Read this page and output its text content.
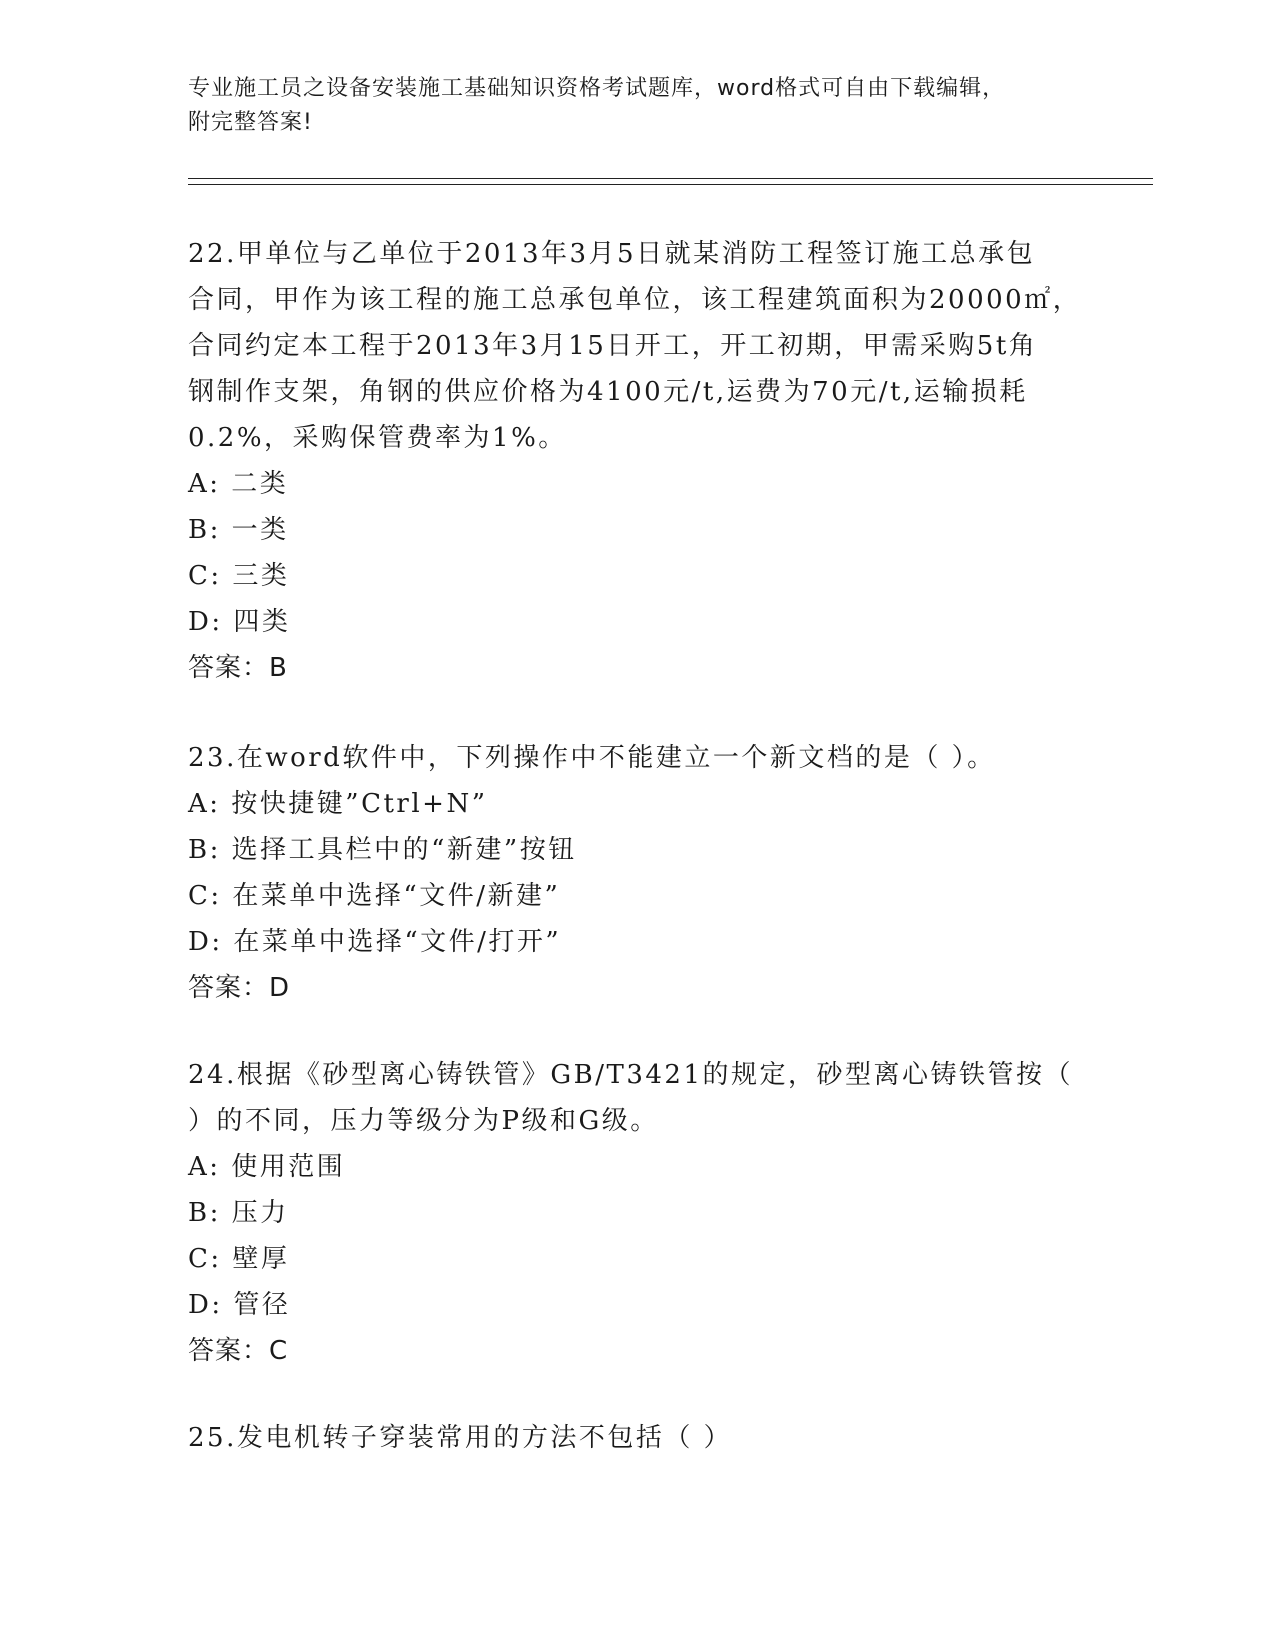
专业施工员之设备安装施工基础知识资格考试题库，word格式可自由下载编辑，
附完整答案!
22.甲单位与乙单位于2013年3月5日就某消防工程签订施工总承包
合同，甲作为该工程的施工总承包单位，该工程建筑面积为20000㎡，
合同约定本工程于2013年3月15日开工，开工初期，甲需采购5t角
钢制作支架，角钢的供应价格为4100元/t,运费为70元/t,运输损耗
0.2%，采购保管费率为1%。
A: 二类
B: 一类
C: 三类
D: 四类
答案：B
23.在word软件中，下列操作中不能建立一个新文档的是（ ）。
A: 按快捷键”Ctrl+N”
B: 选择工具栏中的“新建”按钮
C: 在菜单中选择“文件/新建”
D: 在菜单中选择“文件/打开”
答案：D
24.根据《砂型离心铸铁管》GB/T3421的规定，砂型离心铸铁管按（
）的不同，压力等级分为P级和G级。
A: 使用范围
B: 压力
C: 壁厚
D: 管径
答案：C
25.发电机转子穿装常用的方法不包括（ ）
